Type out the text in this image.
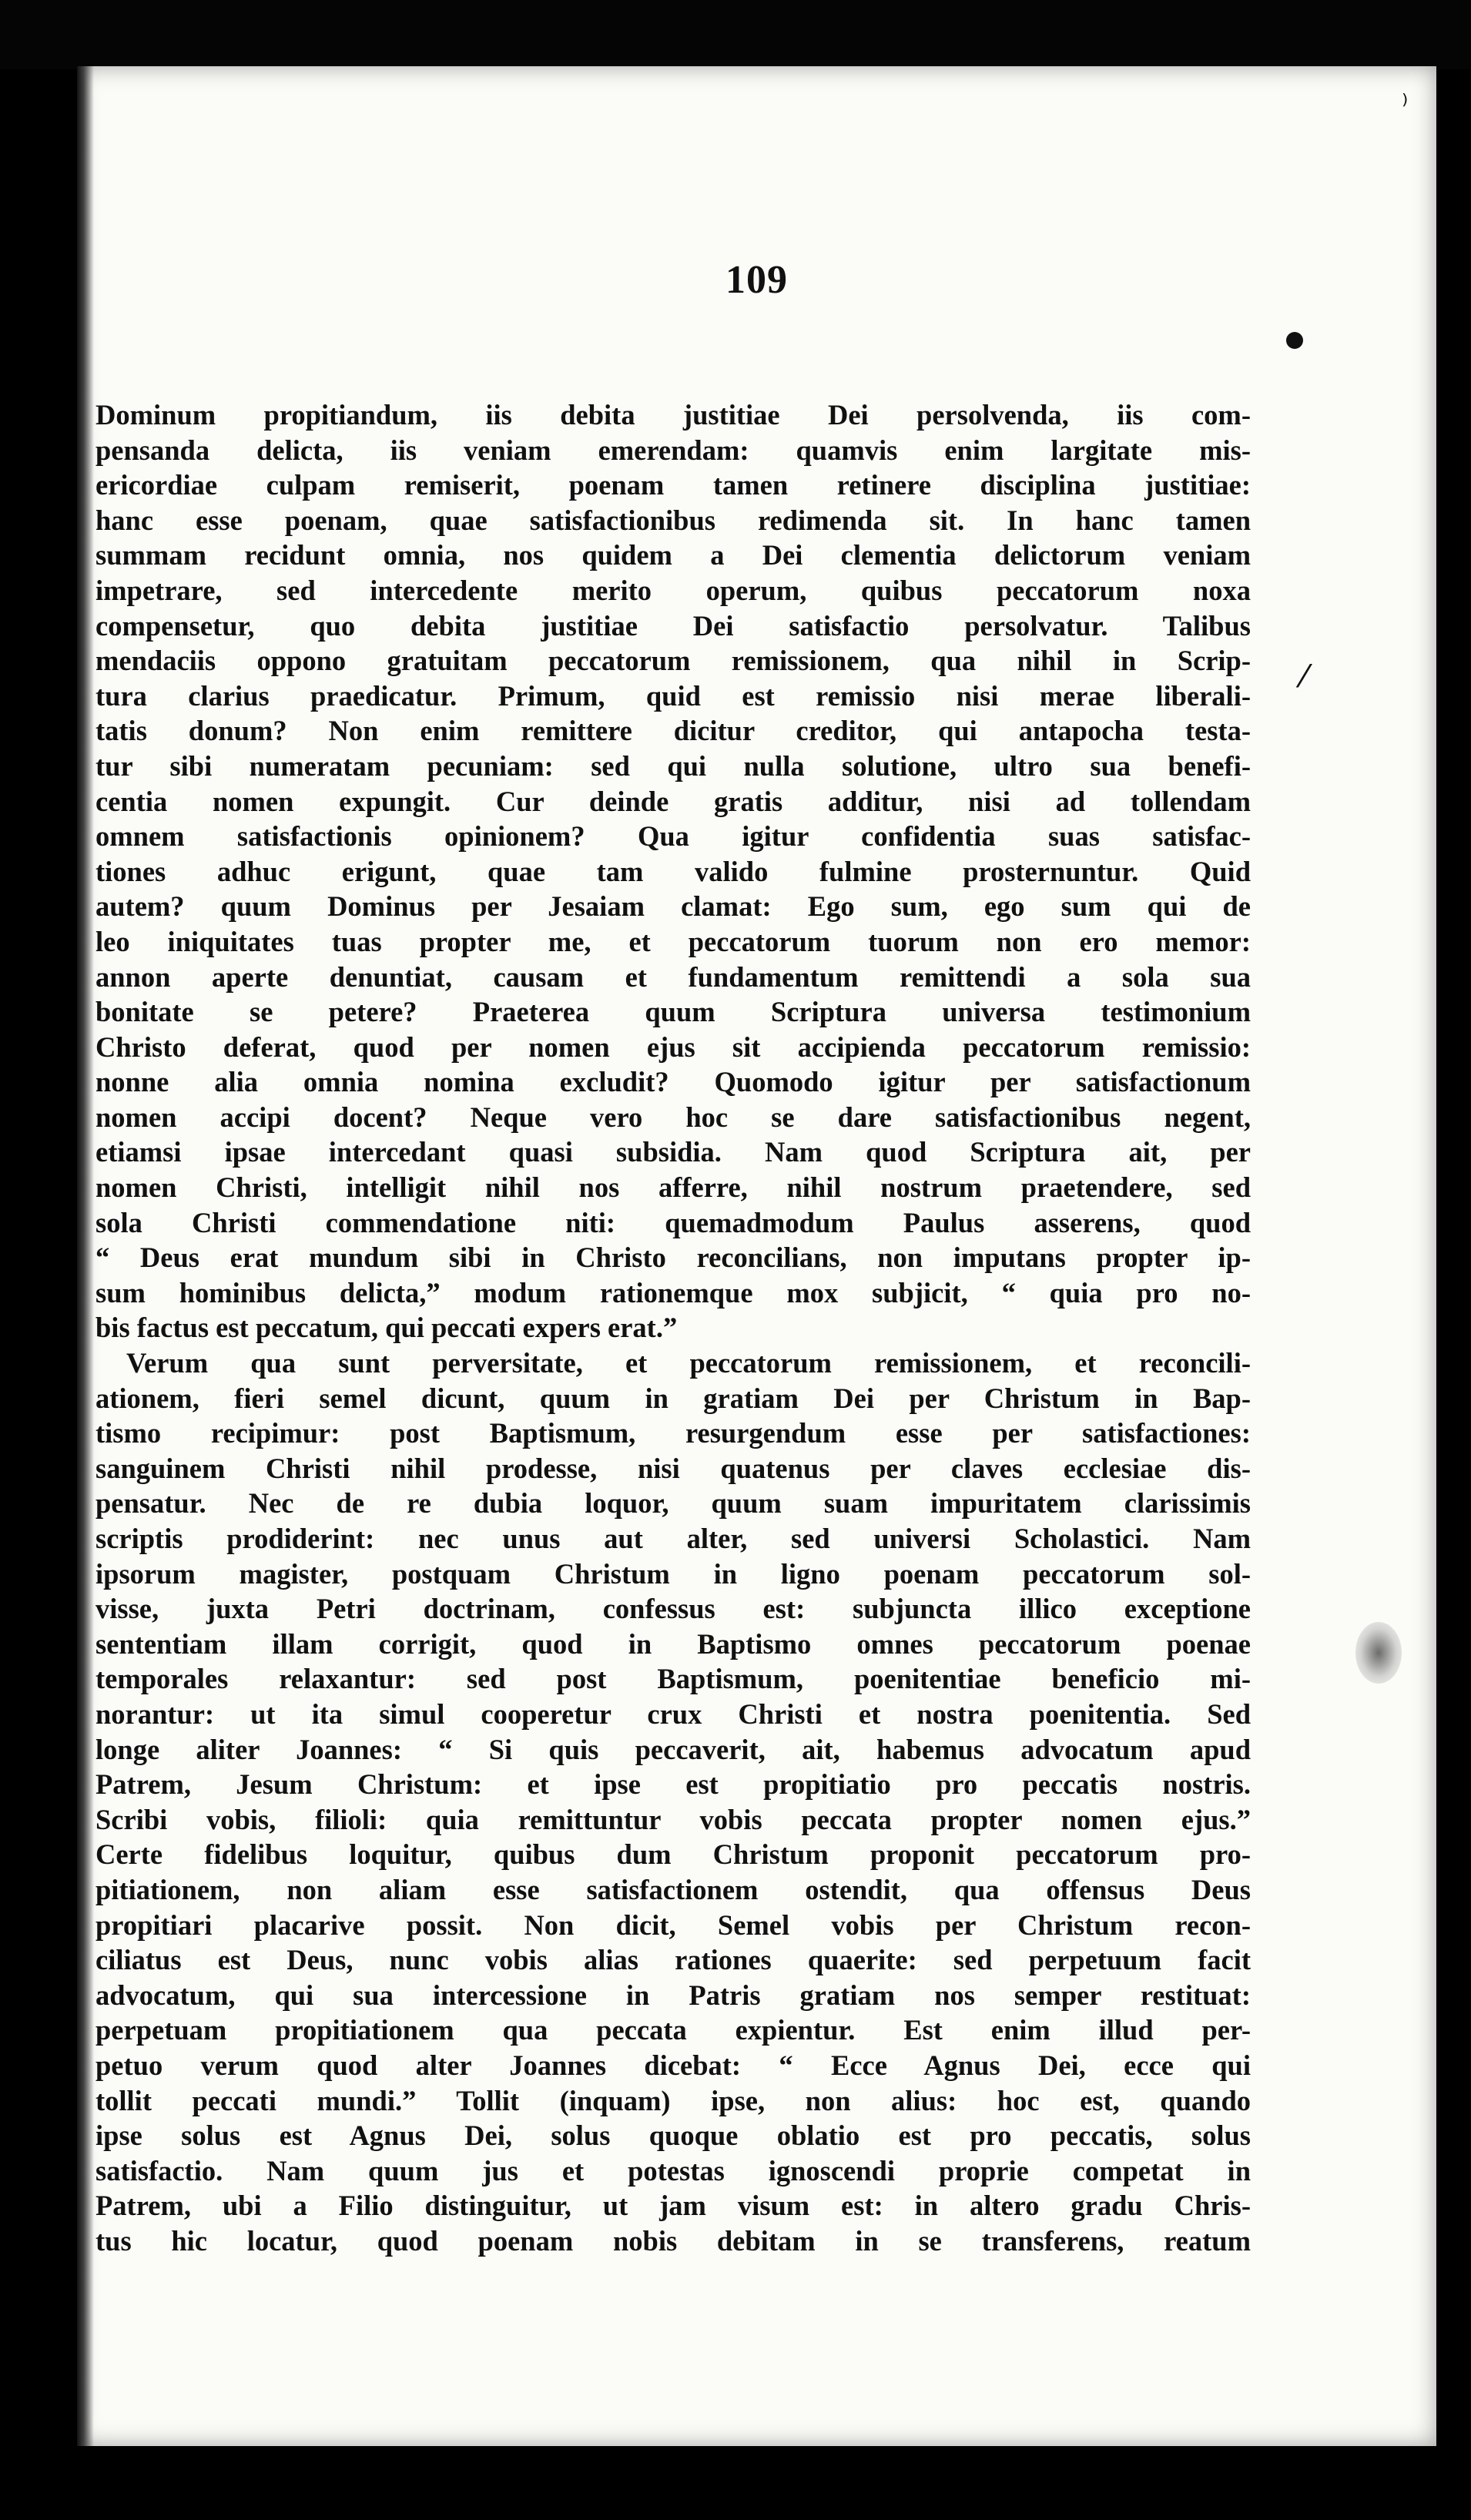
109
Dominum propitiandum, iis debita justitiae Dei persolvenda, iis com-
pensanda delicta, iis veniam emerendam: quamvis enim largitate mis-
ericordiae culpam remiserit, poenam tamen retinere disciplina justitiae:
hanc esse poenam, quae satisfactionibus redimenda sit. In hanc tamen
summam recidunt omnia, nos quidem a Dei clementia delictorum veniam
impetrare, sed intercedente merito operum, quibus peccatorum noxa
compensetur, quo debita justitiae Dei satisfactio persolvatur. Talibus
mendaciis oppono gratuitam peccatorum remissionem, qua nihil in Scrip-
tura clarius praedicatur. Primum, quid est remissio nisi merae liberali-
tatis donum? Non enim remittere dicitur creditor, qui antapocha testa-
tur sibi numeratam pecuniam: sed qui nulla solutione, ultro sua benefi-
centia nomen expungit. Cur deinde gratis additur, nisi ad tollendam
omnem satisfactionis opinionem? Qua igitur confidentia suas satisfac-
tiones adhuc erigunt, quae tam valido fulmine prosternuntur. Quid
autem? quum Dominus per Jesaiam clamat: Ego sum, ego sum qui de
leo iniquitates tuas propter me, et peccatorum tuorum non ero memor:
annon aperte denuntiat, causam et fundamentum remittendi a sola sua
bonitate se petere? Praeterea quum Scriptura universa testimonium
Christo deferat, quod per nomen ejus sit accipienda peccatorum remissio:
nonne alia omnia nomina excludit? Quomodo igitur per satisfactionum
nomen accipi docent? Neque vero hoc se dare satisfactionibus negent,
etiamsi ipsae intercedant quasi subsidia. Nam quod Scriptura ait, per
nomen Christi, intelligit nihil nos afferre, nihil nostrum praetendere, sed
sola Christi commendatione niti: quemadmodum Paulus asserens, quod
“ Deus erat mundum sibi in Christo reconcilians, non imputans propter ip-
sum hominibus delicta,” modum rationemque mox subjicit, “ quia pro no-
bis factus est peccatum, qui peccati expers erat.”
Verum qua sunt perversitate, et peccatorum remissionem, et reconcili-
ationem, fieri semel dicunt, quum in gratiam Dei per Christum in Bap-
tismo recipimur: post Baptismum, resurgendum esse per satisfactiones:
sanguinem Christi nihil prodesse, nisi quatenus per claves ecclesiae dis-
pensatur. Nec de re dubia loquor, quum suam impuritatem clarissimis
scriptis prodiderint: nec unus aut alter, sed universi Scholastici. Nam
ipsorum magister, postquam Christum in ligno poenam peccatorum sol-
visse, juxta Petri doctrinam, confessus est: subjuncta illico exceptione
sententiam illam corrigit, quod in Baptismo omnes peccatorum poenae
temporales relaxantur: sed post Baptismum, poenitentiae beneficio mi-
norantur: ut ita simul cooperetur crux Christi et nostra poenitentia. Sed
longe aliter Joannes: “ Si quis peccaverit, ait, habemus advocatum apud
Patrem, Jesum Christum: et ipse est propitiatio pro peccatis nostris.
Scribi vobis, filioli: quia remittuntur vobis peccata propter nomen ejus.”
Certe fidelibus loquitur, quibus dum Christum proponit peccatorum pro-
pitiationem, non aliam esse satisfactionem ostendit, qua offensus Deus
propitiari placarive possit. Non dicit, Semel vobis per Christum recon-
ciliatus est Deus, nunc vobis alias rationes quaerite: sed perpetuum facit
advocatum, qui sua intercessione in Patris gratiam nos semper restituat:
perpetuam propitiationem qua peccata expientur. Est enim illud per-
petuo verum quod alter Joannes dicebat: “ Ecce Agnus Dei, ecce qui
tollit peccati mundi.” Tollit (inquam) ipse, non alius: hoc est, quando
ipse solus est Agnus Dei, solus quoque oblatio est pro peccatis, solus
satisfactio. Nam quum jus et potestas ignoscendi proprie competat in
Patrem, ubi a Filio distinguitur, ut jam visum est: in altero gradu Chris-
tus hic locatur, quod poenam nobis debitam in se transferens, reatum
⁄
⁾
